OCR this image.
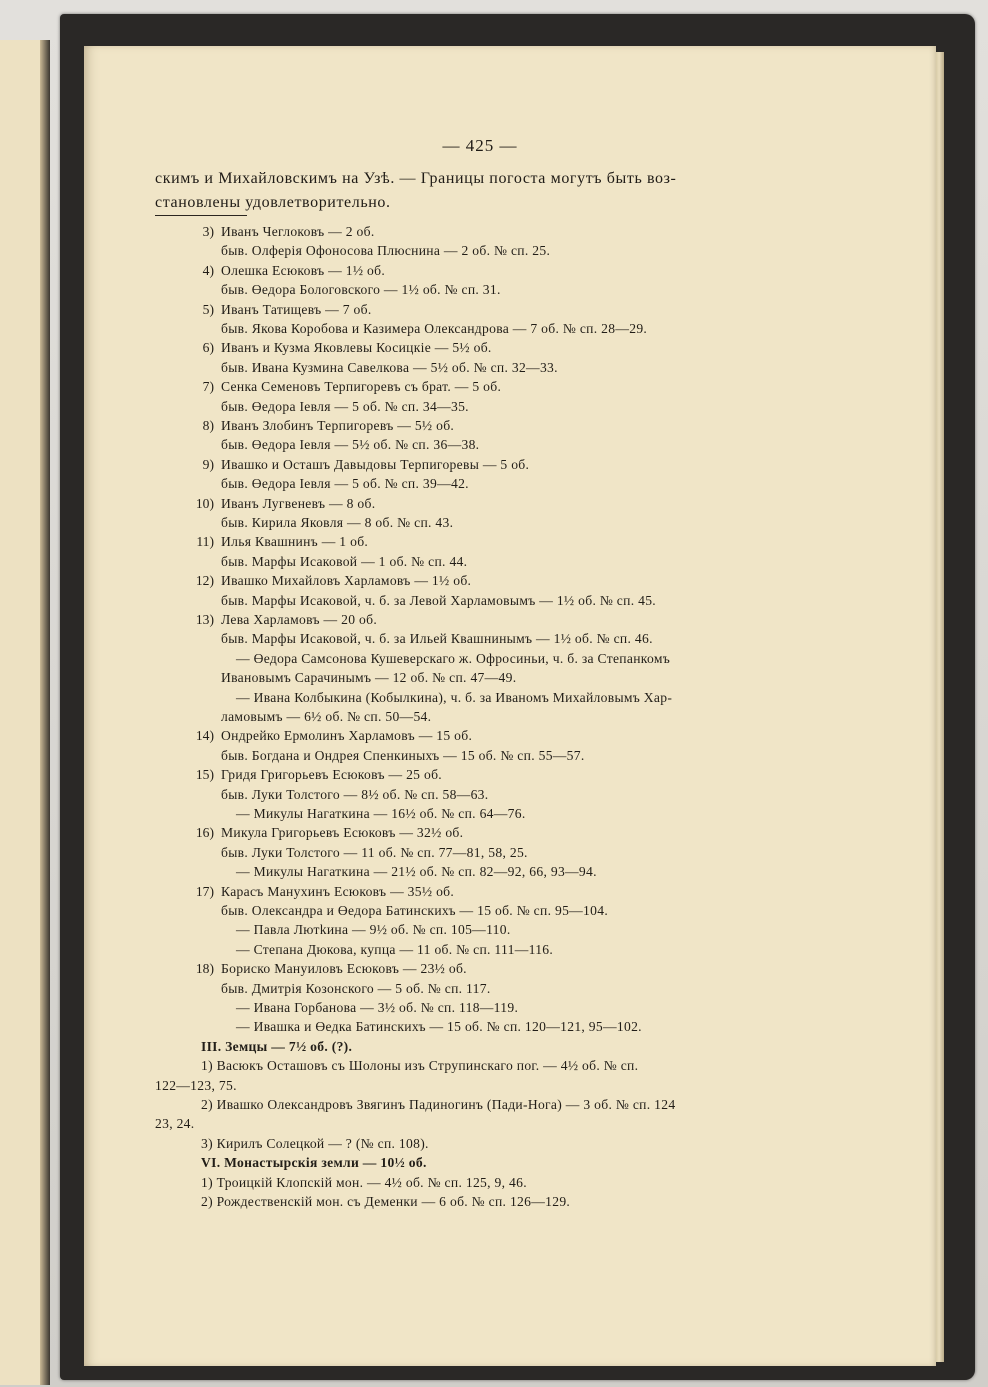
— 425 —
скимъ и Михайловскимъ на Узѣ. — Границы погоста могутъ быть воз-
становлены удовлетворительно.
3) Иванъ Чеглоковъ — 2 об.
быв. Олферія Офоносова Плюснина — 2 об. № сп. 25.
4) Олешка Есюковъ — 1½ об.
быв. Өедора Бологовского — 1½ об. № сп. 31.
5) Иванъ Татищевъ — 7 об.
быв. Якова Коробова и Казимера Олександрова — 7 об. № сп. 28—29.
6) Иванъ и Кузма Яковлевы Косицкіе — 5½ об.
быв. Ивана Кузмина Савелкова — 5½ об. № сп. 32—33.
7) Сенка Семеновъ Терпигоревъ съ брат. — 5 об.
быв. Өедора Іевля — 5 об. № сп. 34—35.
8) Иванъ Злобинъ Терпигоревъ — 5½ об.
быв. Өедора Іевля — 5½ об. № сп. 36—38.
9) Ивашко и Осташъ Давыдовы Терпигоревы — 5 об.
быв. Өедора Іевля — 5 об. № сп. 39—42.
10) Иванъ Лугвеневъ — 8 об.
быв. Кирила Яковля — 8 об. № сп. 43.
11) Илья Квашнинъ — 1 об.
быв. Марфы Исаковой — 1 об. № сп. 44.
12) Ивашко Михайловъ Харламовъ — 1½ об.
быв. Марфы Исаковой, ч. б. за Левой Харламовымъ — 1½ об. № сп. 45.
13) Лева Харламовъ — 20 об.
быв. Марфы Исаковой, ч. б. за Ильей Квашнинымъ — 1½ об. № сп. 46.
— Өедора Самсонова Кушеверскаго ж. Офросиньи, ч. б. за Степанкомъ
Ивановымъ Сарачинымъ — 12 об. № сп. 47—49.
— Ивана Колбыкина (Кобылкина), ч. б. за Иваномъ Михайловымъ Хар-
ламовымъ — 6½ об. № сп. 50—54.
14) Ондрейко Ермолинъ Харламовъ — 15 об.
быв. Богдана и Ондрея Спенкиныхъ — 15 об. № сп. 55—57.
15) Гридя Григорьевъ Есюковъ — 25 об.
быв. Луки Толстого — 8½ об. № сп. 58—63.
— Микулы Нагаткина — 16½ об. № сп. 64—76.
16) Микула Григорьевъ Есюковъ — 32½ об.
быв. Луки Толстого — 11 об. № сп. 77—81, 58, 25.
— Микулы Нагаткина — 21½ об. № сп. 82—92, 66, 93—94.
17) Карасъ Манухинъ Есюковъ — 35½ об.
быв. Олександра и Өедора Батинскихъ — 15 об. № сп. 95—104.
— Павла Лютkина — 9½ об. № сп. 105—110.
— Степана Дюкова, купца — 11 об. № сп. 111—116.
18) Бориско Мануиловъ Есюковъ — 23½ об.
быв. Дмитрія Козонского — 5 об. № сп. 117.
— Ивана Горбанова — 3½ об. № сп. 118—119.
— Ивашка и Өедка Батинскихъ — 15 об. № сп. 120—121, 95—102.
III. Земцы — 7½ об. (?).
1) Васюкъ Осташовъ съ Шолоны изъ Струпинскаго пог. — 4½ об. № сп.
122—123, 75.
2) Ивашко Олександровъ Звягинъ Падиногинъ (Пади-Нога) — 3 об. № сп. 124
23, 24.
3) Кирилъ Солецкой — ? (№ сп. 108).
VI. Монастырскія земли — 10½ об.
1) Троицкій Клопскій мон. — 4½ об. № сп. 125, 9, 46.
2) Рождественскій мон. съ Деменки — 6 об. № сп. 126—129.
